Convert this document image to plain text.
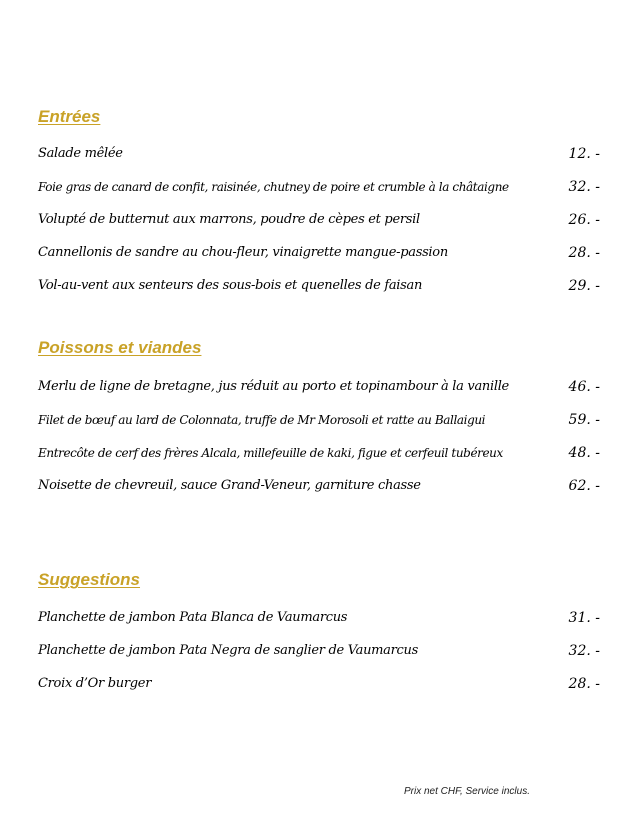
Entrées
Salade mêlée	12. -
Foie gras de canard de confit, raisinée, chutney de poire et crumble à la châtaigne	32. -
Volupté de butternut aux marrons, poudre de cèpes et persil	26. -
Cannellonis de sandre au chou-fleur, vinaigrette mangue-passion	28. -
Vol-au-vent aux senteurs des sous-bois et quenelles de faisan	29. -
Poissons et viandes
Merlu de ligne de bretagne, jus réduit au porto et topinambour à la vanille	46. -
Filet de bœuf au lard de Colonnata, truffe de Mr Morosoli et ratte au Ballaigui	59. -
Entrecôte de cerf des frères Alcala, millefeuille de kaki, figue et cerfeuil tubéreux	48. -
Noisette de chevreuil, sauce Grand-Veneur, garniture chasse	62. -
Suggestions
Planchette de jambon Pata Blanca de Vaumarcus	31. -
Planchette de jambon Pata Negra de sanglier de Vaumarcus	32. -
Croix d’Or burger	28. -
Prix net CHF, Service inclus.
